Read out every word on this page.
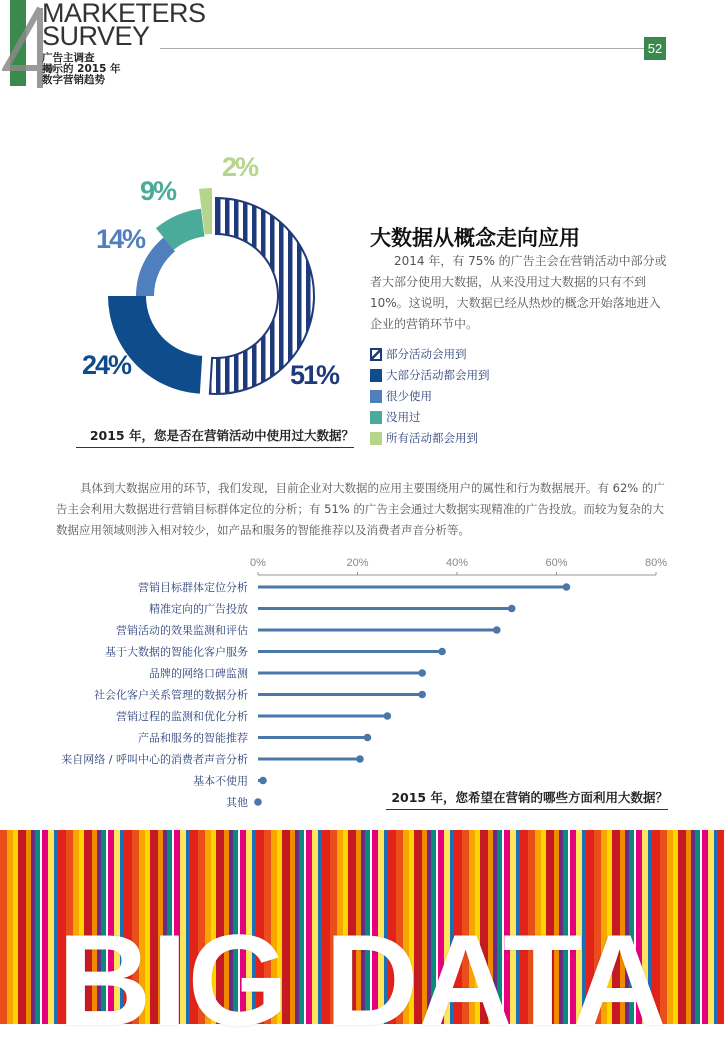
MARKETERS
SURVEY
广告主调查
揭示的 2015 年
数字营销趋势
52
51%
24%
14%
9%
2%
2015 年，您是否在营销活动中使用过大数据？
大数据从概念走向应用
2014 年，有 75% 的广告主会在营销活动中部分或者大部分使用大数据，从来没用过大数据的只有不到 10%。这说明，大数据已经从热炒的概念开始落地进入企业的营销环节中。
部分活动会用到
大部分活动都会用到
很少使用
没用过
所有活动都会用到
具体到大数据应用的环节，我们发现，目前企业对大数据的应用主要围绕用户的属性和行为数据展开。有 62% 的广告主会利用大数据进行营销目标群体定位的分析；有 51% 的广告主会通过大数据实现精准的广告投放。而较为复杂的大数据应用领域则涉入相对较少，如产品和服务的智能推荐以及消费者声音分析等。
0%	20%	40%	60%	80%
营销目标群体定位分析
精准定向的广告投放
营销活动的效果监测和评估
基于大数据的智能化客户服务
品牌的网络口碑监测
社会化客户关系管理的数据分析
营销过程的监测和优化分析
产品和服务的智能推荐
来自网络 / 呼叫中心的消费者声音分析
基本不使用
其他	2015 年，您希望在营销的哪些方面利用大数据？
BIG DATA
